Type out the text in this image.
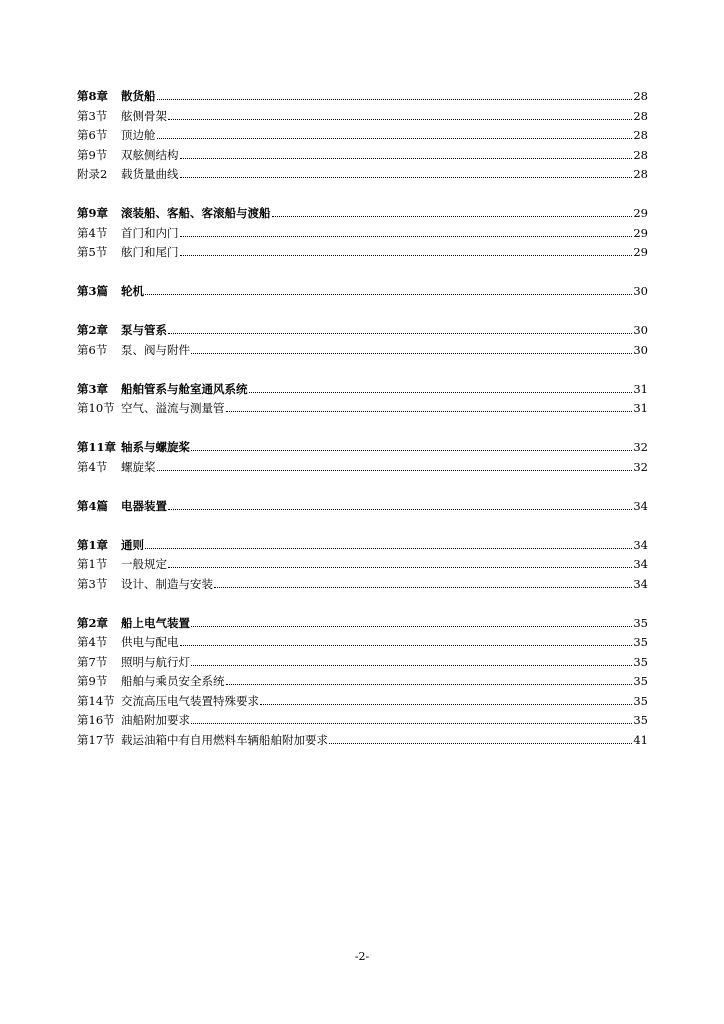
第8章	散货船	28
第3节	舷侧骨架	28
第6节	顶边舱	28
第9节	双舷侧结构	28
附录2	载货量曲线	28
第9章	滚装船、客船、客滚船与渡船	29
第4节	首门和内门	29
第5节	舷门和尾门	29
第3篇	轮机	30
第2章	泵与管系	30
第6节	泵、阀与附件	30
第3章	船舶管系与舱室通风系统	31
第10节 空气、溢流与测量管	31
第11章 轴系与螺旋桨	32
第4节	螺旋桨	32
第4篇	电器装置	34
第1章	通则	34
第1节	一般规定	34
第3节	设计、制造与安装	34
第2章	船上电气装置	35
第4节	供电与配电	35
第7节	照明与航行灯	35
第9节	船舶与乘员安全系统	35
第14节 交流高压电气装置特殊要求	35
第16节 油船附加要求	35
第17节 载运油箱中有自用燃料车辆船舶附加要求	41
-2-
